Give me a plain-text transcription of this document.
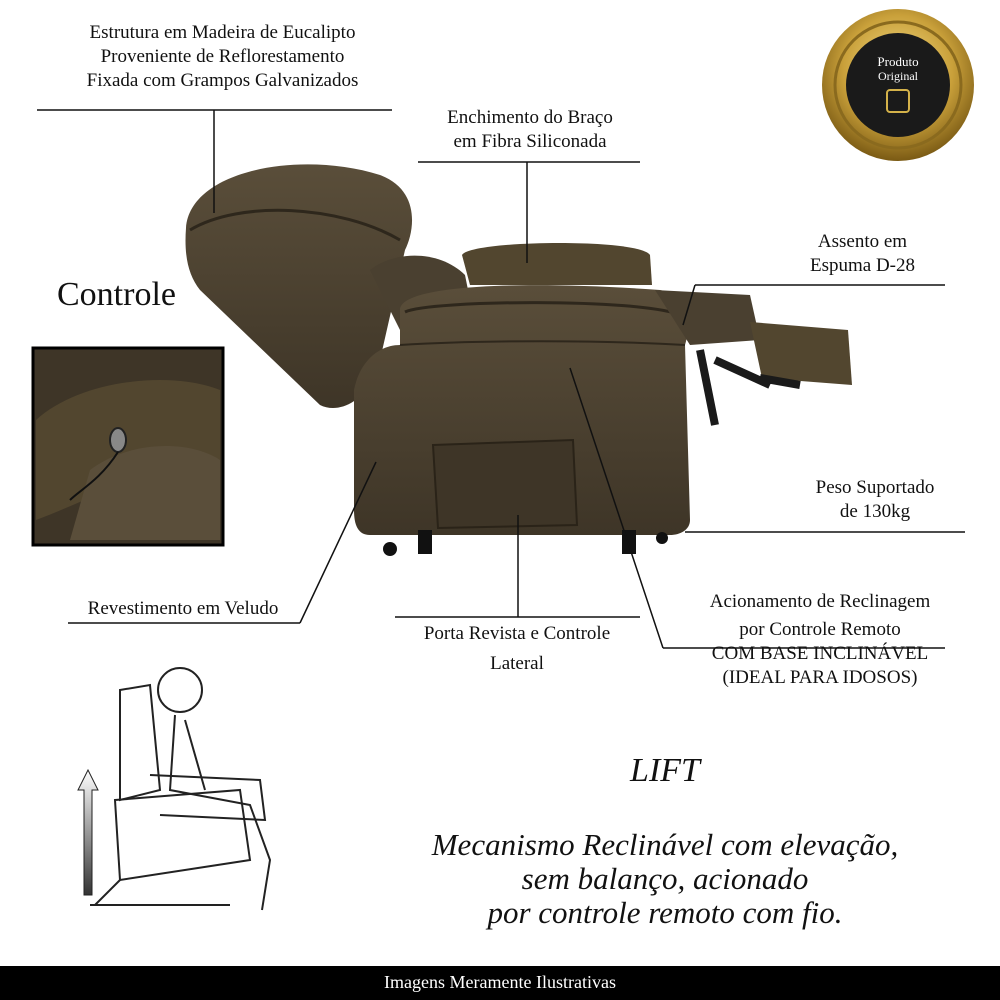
Produto
Original
Estrutura em Madeira de Eucalipto
Proveniente de Reflorestamento
Fixada com Grampos Galvanizados
Enchimento do Braço
em Fibra Siliconada
Assento em
Espuma D-28
Peso Suportado
de 130kg
Revestimento em Veludo
Porta Revista e Controle
Lateral
Acionamento de Reclinagem
por Controle Remoto
COM BASE INCLINÁVEL
(IDEAL PARA IDOSOS)
Controle
LIFT
Mecanismo Reclinável com elevação,
sem balanço, acionado
por controle remoto com fio.
Imagens Meramente Ilustrativas
